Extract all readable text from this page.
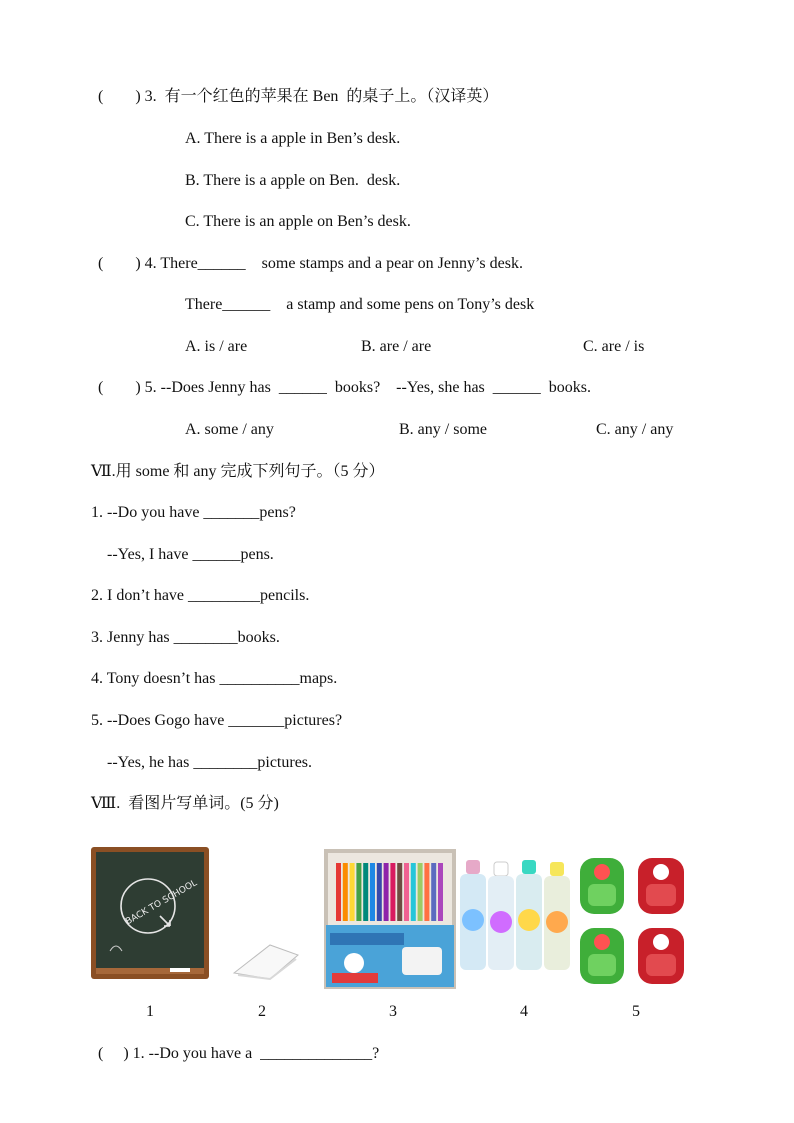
(　　) 3.  有一个红色的苹果在 Ben  的桌子上。（汉译英）
A. There is a apple in Ben’s desk.
B. There is a apple on Ben.  desk.
C. There is an apple on Ben’s desk.
(　　) 4. There______    some stamps and a pear on Jenny’s desk.
There______    a stamp and some pens on Tony’s desk
A. is / are	B. are / are	C. are / is
(　　) 5. --Does Jenny has  ______  books?    --Yes, she has  ______  books.
A. some / any	B. any / some	C. any / any
Ⅶ.用 some 和 any 完成下列句子。（5 分）
1. --Do you have _______pens?
--Yes, I have ______pens.
2. I don’t have _________pencils.
3. Jenny has ________books.
4. Tony doesn’t has __________maps.
5. --Does Gogo have _______pictures?
--Yes, he has ________pictures.
Ⅷ.  看图片写单词。(5 分)
BACK TO SCHOOL
1	2	3	4	5
(　 ) 1. --Do you have a  ______________?
